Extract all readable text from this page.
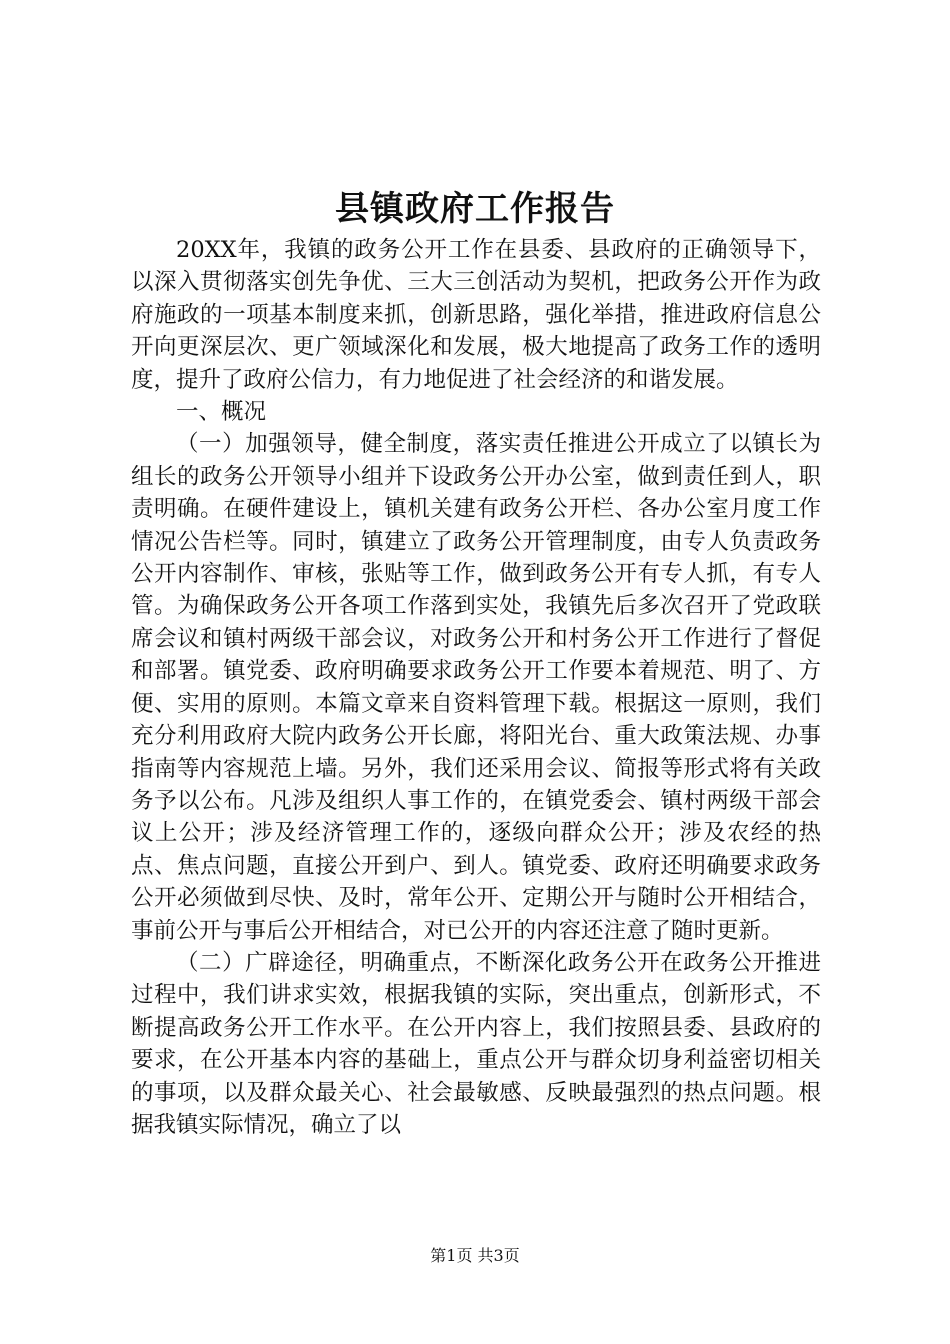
县镇政府工作报告

20XX年，我镇的政务公开工作在县委、县政府的正确领导下，以深入贯彻落实创先争优、三大三创活动为契机，把政务公开作为政府施政的一项基本制度来抓，创新思路，强化举措，推进政府信息公开向更深层次、更广领域深化和发展，极大地提高了政务工作的透明度，提升了政府公信力，有力地促进了社会经济的和谐发展。

一、概况

（一）加强领导，健全制度，落实责任推进公开成立了以镇长为组长的政务公开领导小组并下设政务公开办公室，做到责任到人，职责明确。在硬件建设上，镇机关建有政务公开栏、各办公室月度工作情况公告栏等。同时，镇建立了政务公开管理制度，由专人负责政务公开内容制作、审核，张贴等工作，做到政务公开有专人抓，有专人管。为确保政务公开各项工作落到实处，我镇先后多次召开了党政联席会议和镇村两级干部会议，对政务公开和村务公开工作进行了督促和部署。镇党委、政府明确要求政务公开工作要本着规范、明了、方便、实用的原则。本篇文章来自资料管理下载。根据这一原则，我们充分利用政府大院内政务公开长廊，将阳光台、重大政策法规、办事指南等内容规范上墙。另外，我们还采用会议、简报等形式将有关政务予以公布。凡涉及组织人事工作的，在镇党委会、镇村两级干部会议上公开；涉及经济管理工作的，逐级向群众公开；涉及农经的热点、焦点问题，直接公开到户、到人。镇党委、政府还明确要求政务公开必须做到尽快、及时，常年公开、定期公开与随时公开相结合，事前公开与事后公开相结合，对已公开的内容还注意了随时更新。

（二）广辟途径，明确重点，不断深化政务公开在政务公开推进过程中，我们讲求实效，根据我镇的实际，突出重点，创新形式，不断提高政务公开工作水平。在公开内容上，我们按照县委、县政府的要求，在公开基本内容的基础上，重点公开与群众切身利益密切相关的事项，以及群众最关心、社会最敏感、反映最强烈的热点问题。根据我镇实际情况，确立了以

第1页 共3页
